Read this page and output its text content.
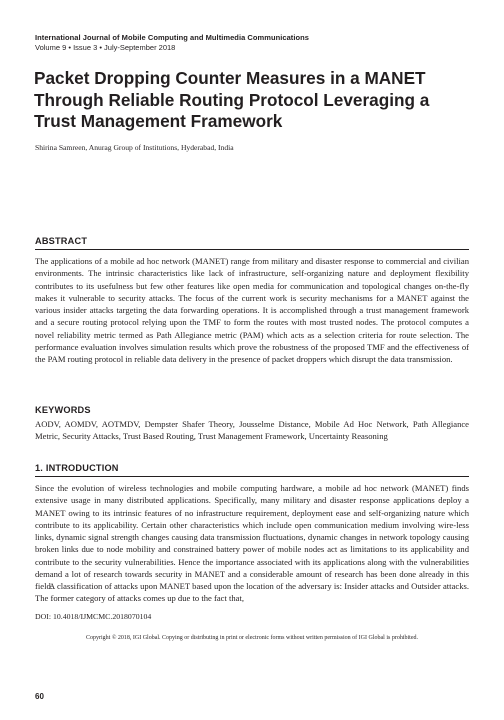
International Journal of Mobile Computing and Multimedia Communications
Volume 9 • Issue 3 • July-September 2018
Packet Dropping Counter Measures in a MANET Through Reliable Routing Protocol Leveraging a Trust Management Framework
Shirina Samreen, Anurag Group of Institutions, Hyderabad, India
ABSTRACT

The applications of a mobile ad hoc network (MANET) range from military and disaster response to commercial and civilian environments. The intrinsic characteristics like lack of infrastructure, self-organizing nature and deployment flexibility contributes to its usefulness but few other features like open media for communication and topological changes on-the-fly makes it vulnerable to security attacks. The focus of the current work is security mechanisms for a MANET against the various insider attacks targeting the data forwarding operations. It is accomplished through a trust management framework and a secure routing protocol relying upon the TMF to form the routes with most trusted nodes. The protocol computes a novel reliability metric termed as Path Allegiance metric (PAM) which acts as a selection criteria for route selection. The performance evaluation involves simulation results which prove the robustness of the proposed TMF and the effectiveness of the PAM routing protocol in reliable data delivery in the presence of packet droppers which disrupt the data transmission.

KEYWORDS

AODV, AOMDV, AOTMDV, Dempster Shafer Theory, Jousselme Distance, Mobile Ad Hoc Network, Path Allegiance Metric, Security Attacks, Trust Based Routing, Trust Management Framework, Uncertainty Reasoning

1. INTRODUCTION

Since the evolution of wireless technologies and mobile computing hardware, a mobile ad hoc network (MANET) finds extensive usage in many distributed applications. Specifically, many military and disaster response applications deploy a MANET owing to its intrinsic features of no infrastructure requirement, deployment ease and self-organizing nature which contribute to its applicability. Certain other characteristics which include open communication medium involving wire-less links, dynamic signal strength changes causing data transmission fluctuations, dynamic changes in network topology causing broken links due to node mobility and constrained battery power of mobile nodes act as limitations to its applicability and contribute to the security vulnerabilities. Hence the importance associated with its applications along with the vulnerabilities demand a lot of research towards security in MANET and a considerable amount of research has been done already in this field.

A classification of attacks upon MANET based upon the location of the adversary is: Insider attacks and Outsider attacks. The former category of attacks comes up due to the fact that,

DOI: 10.4018/IJMCMC.2018070104
Copyright © 2018, IGI Global. Copying or distributing in print or electronic forms without written permission of IGI Global is prohibited.
60
